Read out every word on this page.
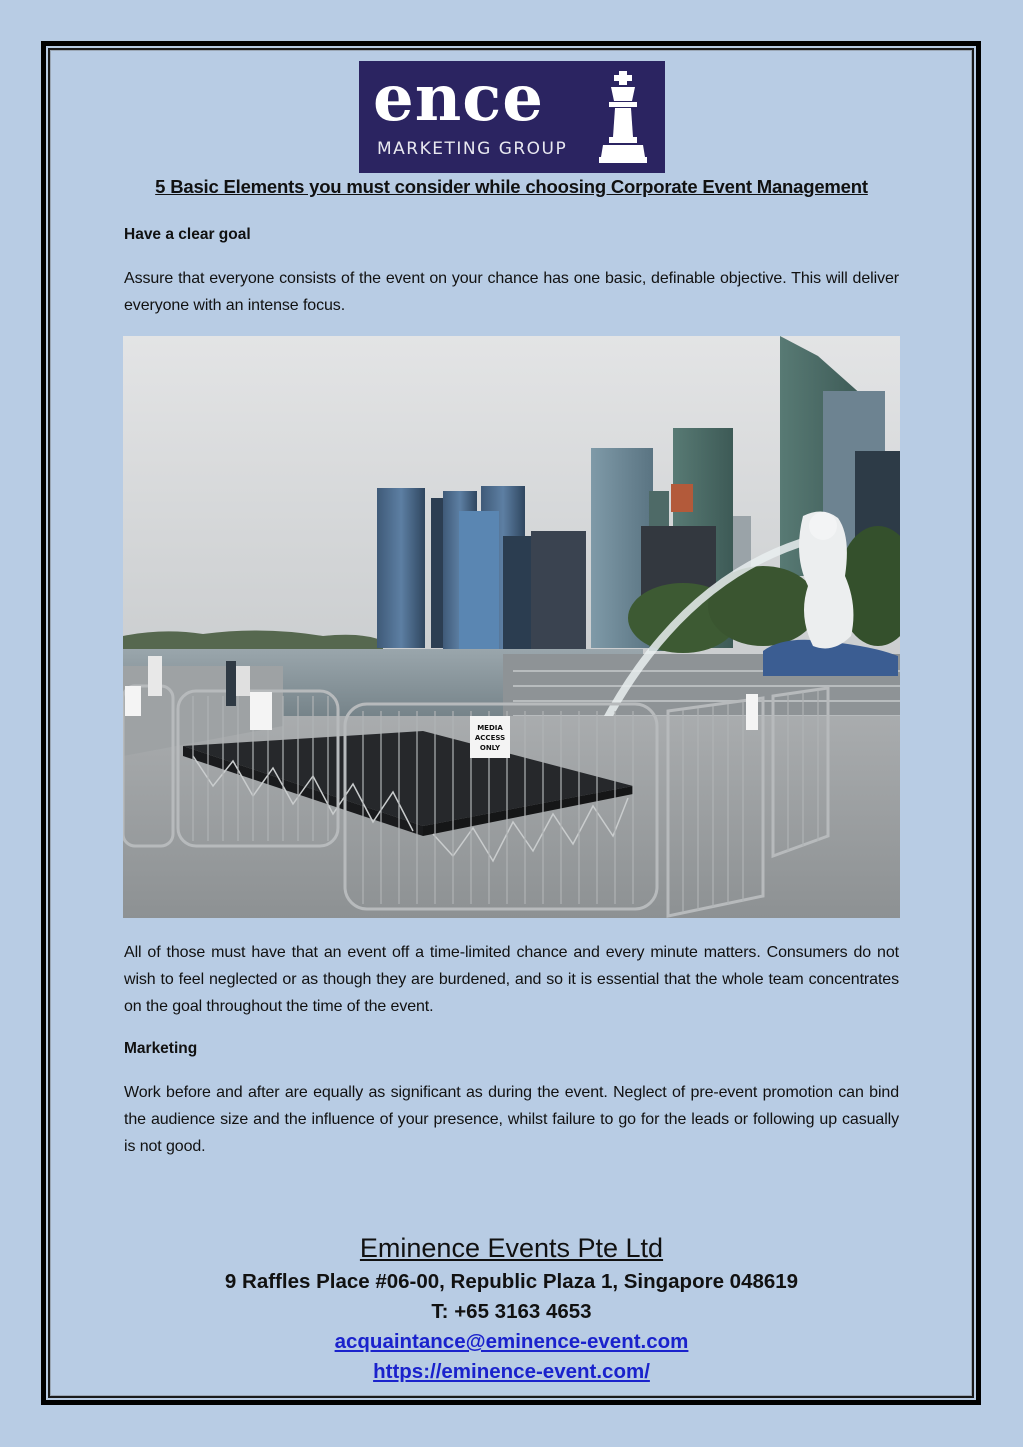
ence
MARKETING GROUP
5 Basic Elements you must consider while choosing Corporate Event Management
Have a clear goal
Assure that everyone consists of the event on your chance has one basic, definable objective. This will deliver everyone with an intense focus.
MEDIA
ACCESS
ONLY
All of those must have that an event off a time-limited chance and every minute matters. Consumers do not wish to feel neglected or as though they are burdened, and so it is essential that the whole team concentrates on the goal throughout the time of the event.
Marketing
Work before and after are equally as significant as during the event. Neglect of pre-event promotion can bind the audience size and the influence of your presence, whilst failure to go for the leads or following up casually is not good.
Eminence Events Pte Ltd
9 Raffles Place #06-00, Republic Plaza 1, Singapore 048619
T: +65 3163 4653
acquaintance@eminence-event.com
https://eminence-event.com/
